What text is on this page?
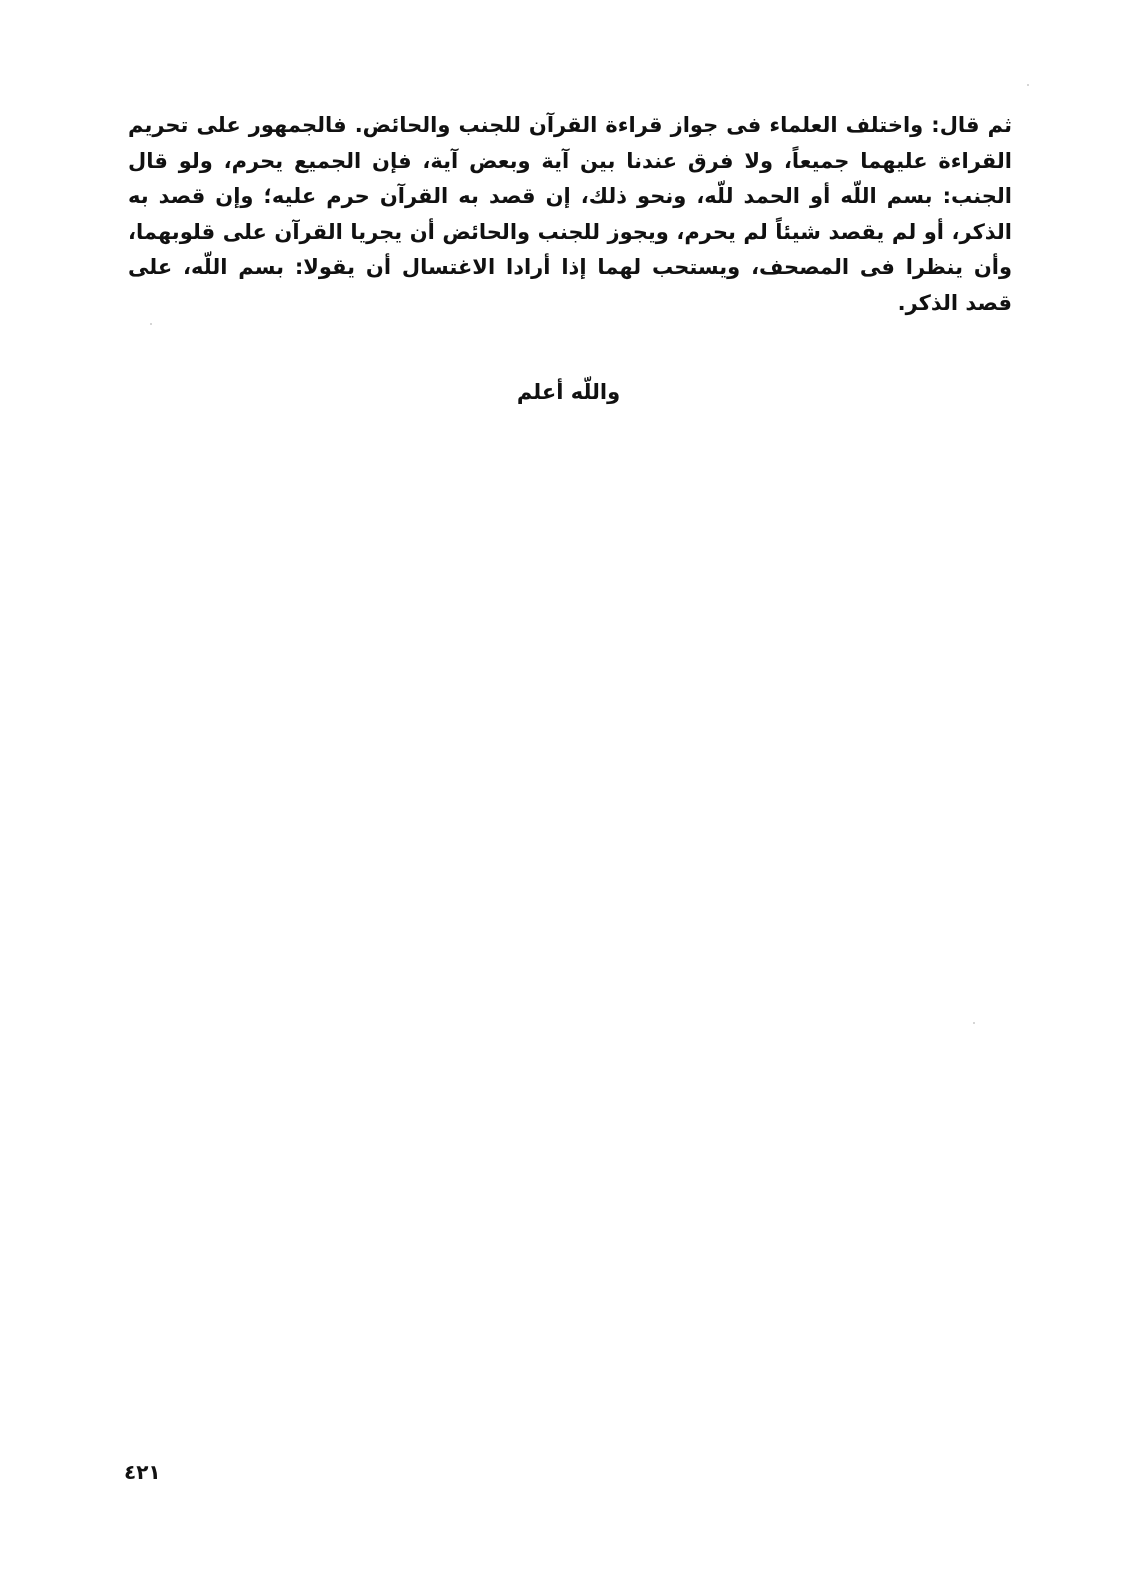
ثم قال: واختلف العلماء فى جواز قراءة القرآن للجنب والحائض. فالجمهور على تحريم القراءة عليهما جميعاً، ولا فرق عندنا بين آية وبعض آية، فإن الجميع يحرم، ولو قال الجنب: بسم اللّه أو الحمد للّه، ونحو ذلك، إن قصد به القرآن حرم عليه؛ وإن قصد به الذكر، أو لم يقصد شيئاً لم يحرم، ويجوز للجنب والحائض أن يجريا القرآن على قلوبهما، وأن ينظرا فى المصحف، ويستحب لهما إذا أرادا الاغتسال أن يقولا: بسم اللّه، على قصد الذكر.

واللّه أعلم
٤٢١
